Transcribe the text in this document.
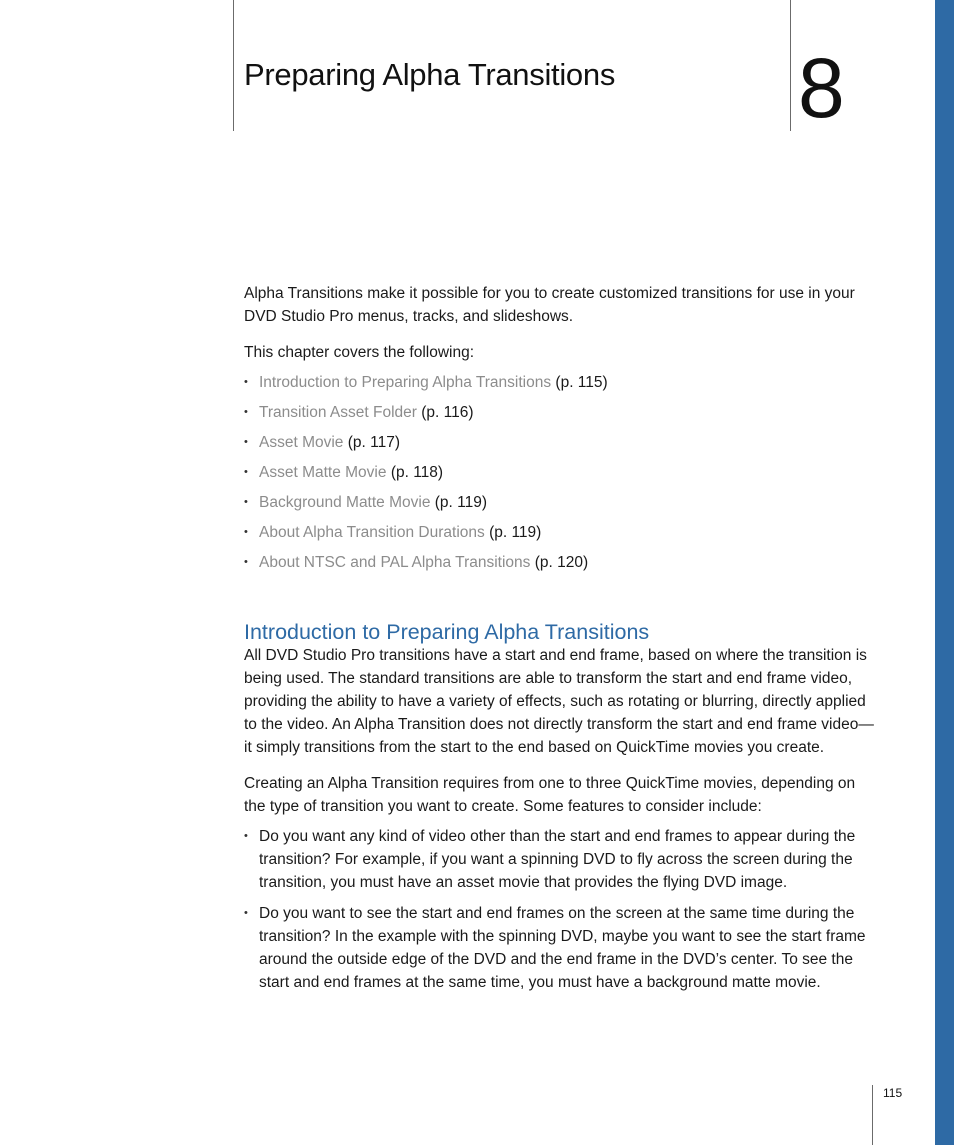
Preparing Alpha Transitions 8

Alpha Transitions make it possible for you to create customized transitions for use in your DVD Studio Pro menus, tracks, and slideshows.

This chapter covers the following:

• Introduction to Preparing Alpha Transitions (p. 115)
• Transition Asset Folder (p. 116)
• Asset Movie (p. 117)
• Asset Matte Movie (p. 118)
• Background Matte Movie (p. 119)
• About Alpha Transition Durations (p. 119)
• About NTSC and PAL Alpha Transitions (p. 120)
Introduction to Preparing Alpha Transitions

All DVD Studio Pro transitions have a start and end frame, based on where the transition is being used. The standard transitions are able to transform the start and end frame video, providing the ability to have a variety of effects, such as rotating or blurring, directly applied to the video. An Alpha Transition does not directly transform the start and end frame video—it simply transitions from the start to the end based on QuickTime movies you create.

Creating an Alpha Transition requires from one to three QuickTime movies, depending on the type of transition you want to create. Some features to consider include:

• Do you want any kind of video other than the start and end frames to appear during the transition? For example, if you want a spinning DVD to fly across the screen during the transition, you must have an asset movie that provides the flying DVD image.
• Do you want to see the start and end frames on the screen at the same time during the transition? In the example with the spinning DVD, maybe you want to see the start frame around the outside edge of the DVD and the end frame in the DVD’s center. To see the start and end frames at the same time, you must have a background matte movie.
115
